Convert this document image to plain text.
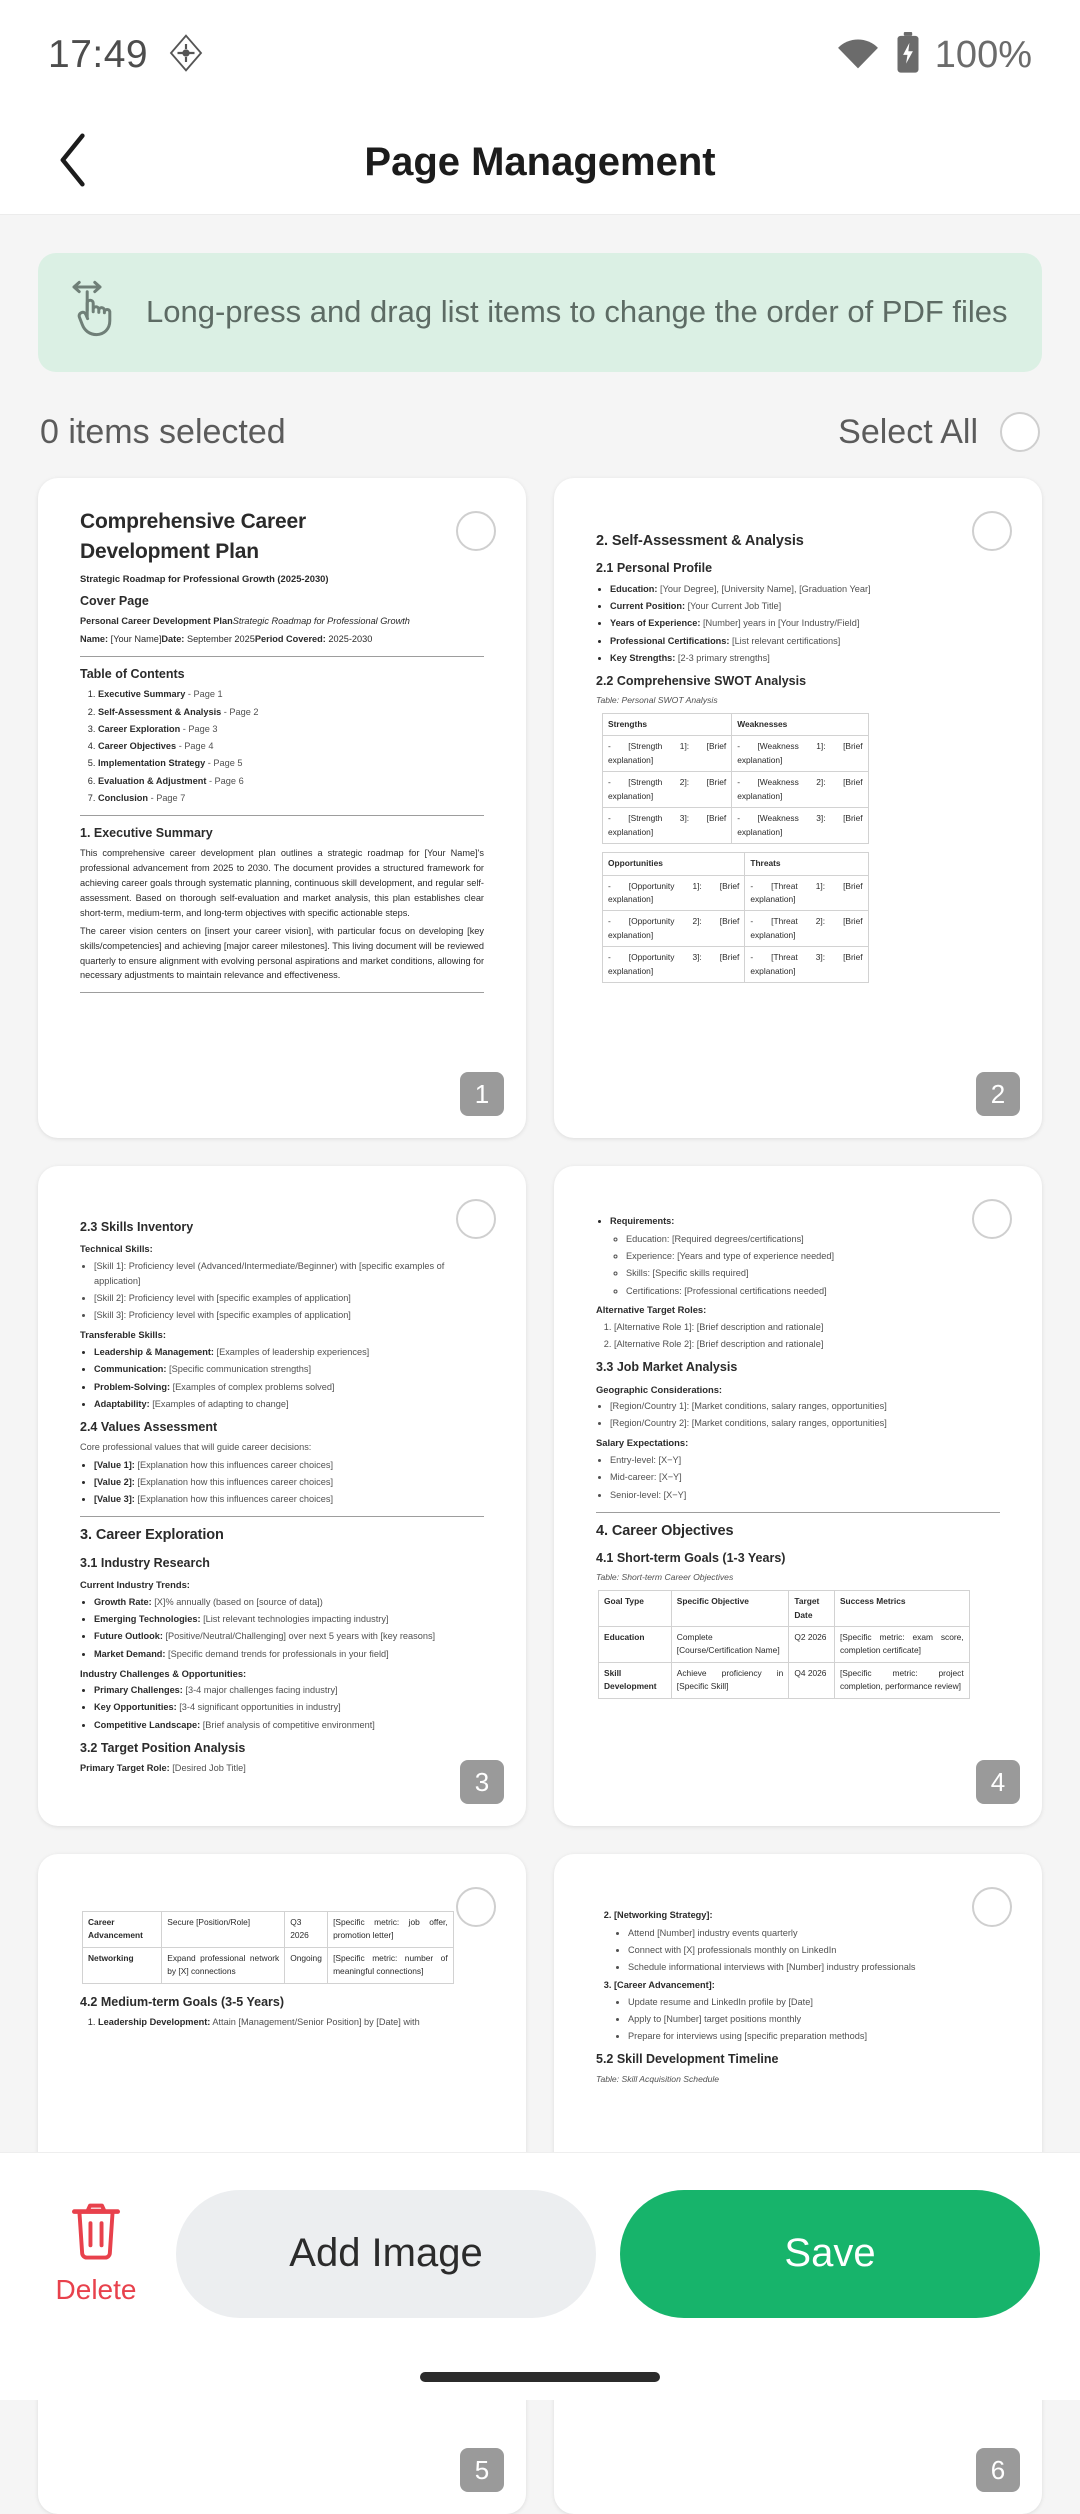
17:49	100%
Page Management
Long-press and drag list items to change the order of PDF files
0 items selected	Select All
Comprehensive Career
Development Plan
Strategic Roadmap for Professional Growth (2025-2030)
Cover Page

Personal Career Development PlanStrategic Roadmap for Professional Growth

Name: [Your Name]Date: September 2025Period Covered: 2025-2030

Table of Contents
1. Executive Summary - Page 1
2. Self-Assessment & Analysis - Page 2
3. Career Exploration - Page 3
4. Career Objectives - Page 4
5. Implementation Strategy - Page 5
6. Evaluation & Adjustment - Page 6
7. Conclusion - Page 7
1. Executive Summary

This comprehensive career development plan outlines a strategic roadmap for [Your Name]'s professional advancement from 2025 to 2030. The document provides a structured framework for achieving career goals through systematic planning, continuous skill development, and regular self-assessment. Based on thorough self-evaluation and market analysis, this plan establishes clear short-term, medium-term, and long-term objectives with specific actionable steps.

The career vision centers on [insert your career vision], with particular focus on developing [key skills/competencies] and achieving [major career milestones]. This living document will be reviewed quarterly to ensure alignment with evolving personal aspirations and market conditions, allowing for necessary adjustments to maintain relevance and effectiveness.

1
2. Self-Assessment & Analysis
2.1 Personal Profile
• Education: [Your Degree], [University Name], [Graduation Year]
• Current Position: [Your Current Job Title]
• Years of Experience: [Number] years in [Your Industry/Field]
• Professional Certifications: [List relevant certifications]
• Key Strengths: [2-3 primary strengths]
2.2 Comprehensive SWOT Analysis
Table: Personal SWOT Analysis
Strengths	Weaknesses
- [Strength 1]: [Brief explanation]	- [Weakness 1]: [Brief explanation]
- [Strength 2]: [Brief explanation]	- [Weakness 2]: [Brief explanation]
- [Strength 3]: [Brief explanation]	- [Weakness 3]: [Brief explanation]
Opportunities	Threats
- [Opportunity 1]: [Brief explanation]	- [Threat 1]: [Brief explanation]
- [Opportunity 2]: [Brief explanation]	- [Threat 2]: [Brief explanation]
- [Opportunity 3]: [Brief explanation]	- [Threat 3]: [Brief explanation]
2
2.3 Skills Inventory
Technical Skills:
• [Skill 1]: Proficiency level (Advanced/Intermediate/Beginner) with [specific examples of application]
• [Skill 2]: Proficiency level with [specific examples of application]
• [Skill 3]: Proficiency level with [specific examples of application]
Transferable Skills:
• Leadership & Management: [Examples of leadership experiences]
• Communication: [Specific communication strengths]
• Problem-Solving: [Examples of complex problems solved]
• Adaptability: [Examples of adapting to change]
2.4 Values Assessment

Core professional values that will guide career decisions:

• [Value 1]: [Explanation how this influences career choices]
• [Value 2]: [Explanation how this influences career choices]
• [Value 3]: [Explanation how this influences career choices]
3. Career Exploration
3.1 Industry Research
Current Industry Trends:
• Growth Rate: [X]% annually (based on [source of data])
• Emerging Technologies: [List relevant technologies impacting industry]
• Future Outlook: [Positive/Neutral/Challenging] over next 5 years with [key reasons]
• Market Demand: [Specific demand trends for professionals in your field]
Industry Challenges & Opportunities:
• Primary Challenges: [3-4 major challenges facing industry]
• Key Opportunities: [3-4 significant opportunities in industry]
• Competitive Landscape: [Brief analysis of competitive environment]
3.2 Target Position Analysis

Primary Target Role: [Desired Job Title]	3
• Requirements:
◦ Education: [Required degrees/certifications]
◦ Experience: [Years and type of experience needed]
◦ Skills: [Specific skills required]
◦ Certifications: [Professional certifications needed]
Alternative Target Roles:
1. [Alternative Role 1]: [Brief description and rationale]
2. [Alternative Role 2]: [Brief description and rationale]
3.3 Job Market Analysis
Geographic Considerations:
• [Region/Country 1]: [Market conditions, salary ranges, opportunities]
• [Region/Country 2]: [Market conditions, salary ranges, opportunities]
Salary Expectations:
• Entry-level: [X−Y]
• Mid-career: [X−Y]
• Senior-level: [X−Y]
4. Career Objectives
4.1 Short-term Goals (1-3 Years)
Table: Short-term Career Objectives
Goal Type	Specific Objective	Target Date	Success Metrics
Education	Complete [Course/Certification Name]	Q2 2026	[Specific metric: exam score, completion certificate]
Skill Development	Achieve proficiency in [Specific Skill]	Q4 2026	[Specific metric: project completion, performance review]
4
Career Advancement	Secure [Position/Role]	Q3 2026	[Specific metric: job offer, promotion letter]
Networking	Expand professional network by [X] connections	Ongoing	[Specific metric: number of meaningful connections]
4.2 Medium-term Goals (3-5 Years)
1. Leadership Development: Attain [Management/Senior Position] by [Date] with
5
2. [Networking Strategy]:
• Attend [Number] industry events quarterly
• Connect with [X] professionals monthly on LinkedIn
• Schedule informational interviews with [Number] industry professionals
3. [Career Advancement]:
• Update resume and LinkedIn profile by [Date]
• Apply to [Number] target positions monthly
• Prepare for interviews using [specific preparation methods]
5.2 Skill Development Timeline
Table: Skill Acquisition Schedule
6
Delete
Add Image	Save
